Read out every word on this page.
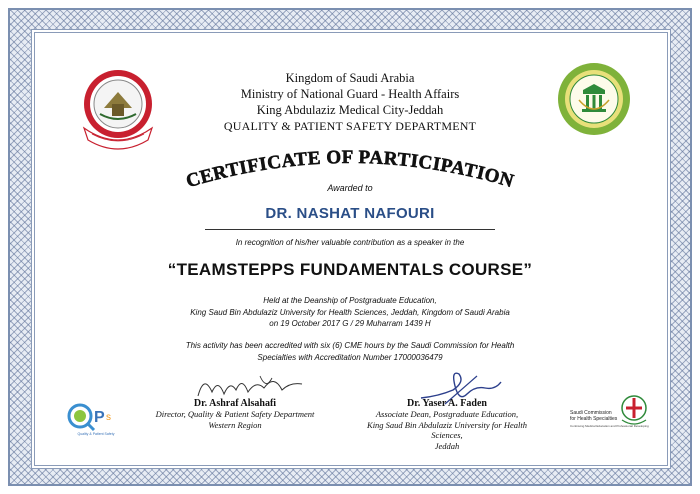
Kingdom of Saudi Arabia
Ministry of National Guard - Health Affairs
King Abdulaziz Medical City-Jeddah
QUALITY & PATIENT SAFETY DEPARTMENT
CERTIFICATE OF PARTICIPATION
Awarded to
DR. NASHAT NAFOURI
In recognition of his/her valuable contribution as a speaker in the
“TEAMSTEPPS FUNDAMENTALS COURSE”
Held at the Deanship of Postgraduate Education,
King Saud Bin Abdulaziz University for Health Sciences, Jeddah, Kingdom of Saudi Arabia
on 19 October 2017 G / 29 Muharram 1439 H
This activity has been accredited with six (6) CME hours by the Saudi Commission for Health
Specialties with Accreditation Number 17000036479
Dr. Ashraf Alsahafi
Director, Quality & Patient Safety Department
Western Region
Dr. Yaser A. Faden
Associate Dean, Postgraduate Education,
King Saud Bin Abdulaziz University for Health Sciences,
Jeddah
P s
Quality & Patient Safety
Saudi Commission
for Health Specialties
Continuing Medical Education and Professional Developing
